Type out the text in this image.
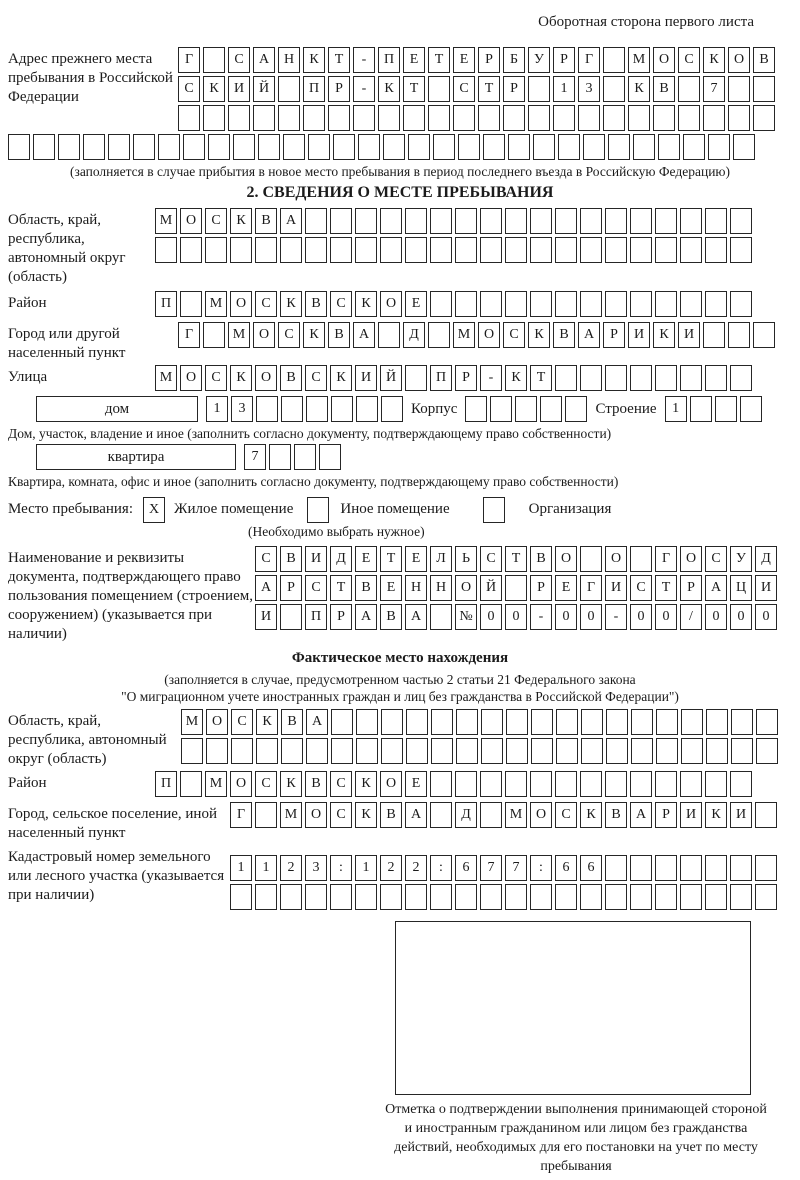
Оборотная сторона первого листа
Адрес прежнего места пребывания в Российской Федерации
Г	С	А	Н	К	Т	-	П	Е	Т	Е	Р	Б	У	Р	Г	М О	С	К	О	В
С	К	И	Й	П	Р	-	К	Т	С	Т	Р	1	3	К	В	7
(заполняется в случае прибытия в новое место пребывания в период последнего въезда в Российскую Федерацию)
2. СВЕДЕНИЯ О МЕСТЕ ПРЕБЫВАНИЯ
Область, край, республика, автономный округ (область)
М О	С	К	В	А
Район	П	М О	С	К	В	С	К	О	Е
Город или другой населенный пункт
Г	М О	С	К	В	А	Д	М О	С	К	В	А	Р	И	К	И
Улица	М О	С	К	О	В	С	К	И	Й	П	Р	-	К	Т
дом	1	3	Корпус	Строение	1
Дом, участок, владение и иное (заполнить согласно документу, подтверждающему право собственности)
квартира	7
Квартира, комната, офис и иное (заполнить согласно документу, подтверждающему право собственности)
Место пребывания:	X Жилое помещение	Иное помещение	Организация
(Необходимо выбрать нужное)
Наименование и реквизиты документа, подтверждающего право пользования помещением (строением, сооружением) (указывается при наличии)
С	В	И	Д	Е	Т	Е	Л	Ь	С	Т	В	О	О	Г	О	С	У	Д
А	Р	С	Т	В	Е	Н	Н	О	Й	Р	Е	Г	И	С	Т	Р	А	Ц	И
И	П	Р	А	В	А	№	0	0	-	0	0	-	0	0	/	0	0	0
Фактическое место нахождения
(заполняется в случае, предусмотренном частью 2 статьи 21 Федерального закона
"О миграционном учете иностранных граждан и лиц без гражданства в Российской Федерации")
Область, край, республика, автономный округ (область)
М О	С	К	В	А
Район	П	М О	С	К	В	С	К	О	Е
Город, сельское поселение, иной населенный пункт
Г	М О	С	К	В	А	Д	М О	С	К	В	А	Р	И	К	И
Кадастровый номер земельного или лесного участка (указывается при наличии)
1	1	2	3	:	1	2	2	:	6	7	7	:	6	6
Отметка о подтверждении выполнения принимающей стороной и иностранным гражданином или лицом без гражданства действий, необходимых для его постановки на учет по месту пребывания
